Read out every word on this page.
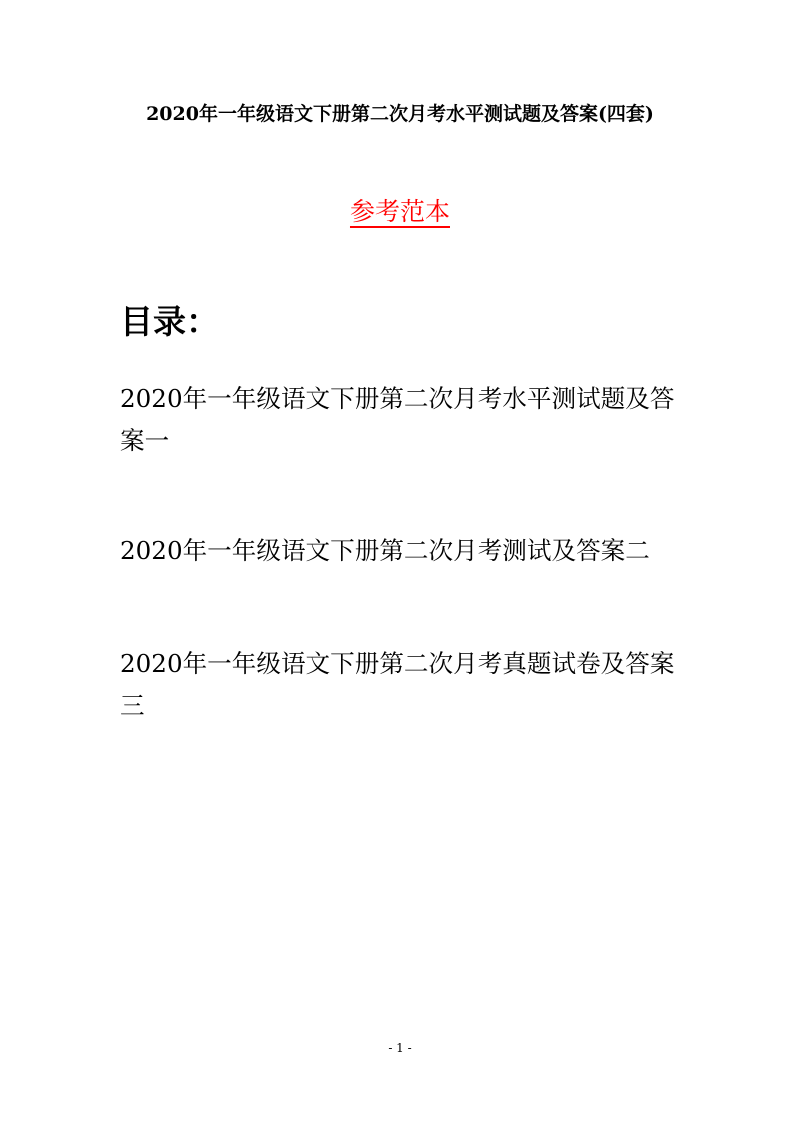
2020年一年级语文下册第二次月考水平测试题及答案(四套)
参考范本
目录：
2020年一年级语文下册第二次月考水平测试题及答案一
2020年一年级语文下册第二次月考测试及答案二
2020年一年级语文下册第二次月考真题试卷及答案三
- 1 -
